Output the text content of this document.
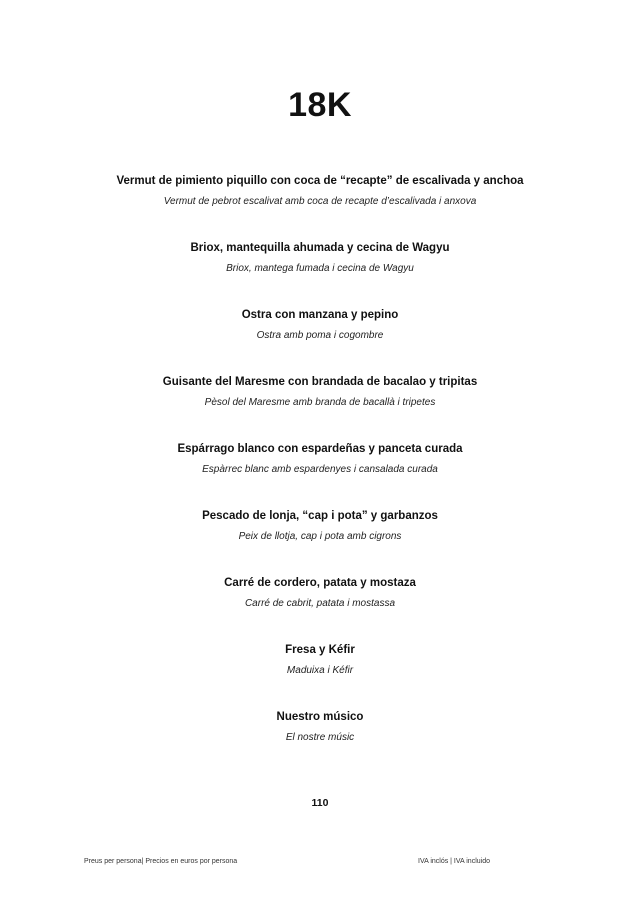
18K
Vermut de pimiento piquillo con coca de “recapte” de escalivada y anchoa
Vermut de pebrot escalivat amb coca de recapte d’escalivada i anxova
Briox, mantequilla ahumada y cecina de Wagyu
Briox, mantega fumada i cecina de Wagyu
Ostra con manzana y pepino
Ostra amb poma i cogombre
Guisante del Maresme con brandada de bacalao y tripitas
Pèsol del Maresme amb branda de bacallà i tripetes
Espárrago blanco con espardeñas y panceta curada
Espàrrec blanc amb espardenyes i cansalada curada
Pescado de lonja, “cap i pota” y garbanzos
Peix de llotja, cap i pota amb cigrons
Carré de cordero, patata y mostaza
Carré de cabrit, patata i mostassa
Fresa y Kéfir
Maduixa i Kéfir
Nuestro músico
El nostre músic
110
Preus per persona| Precios en euros por persona	IVA inclós | IVA incluido
